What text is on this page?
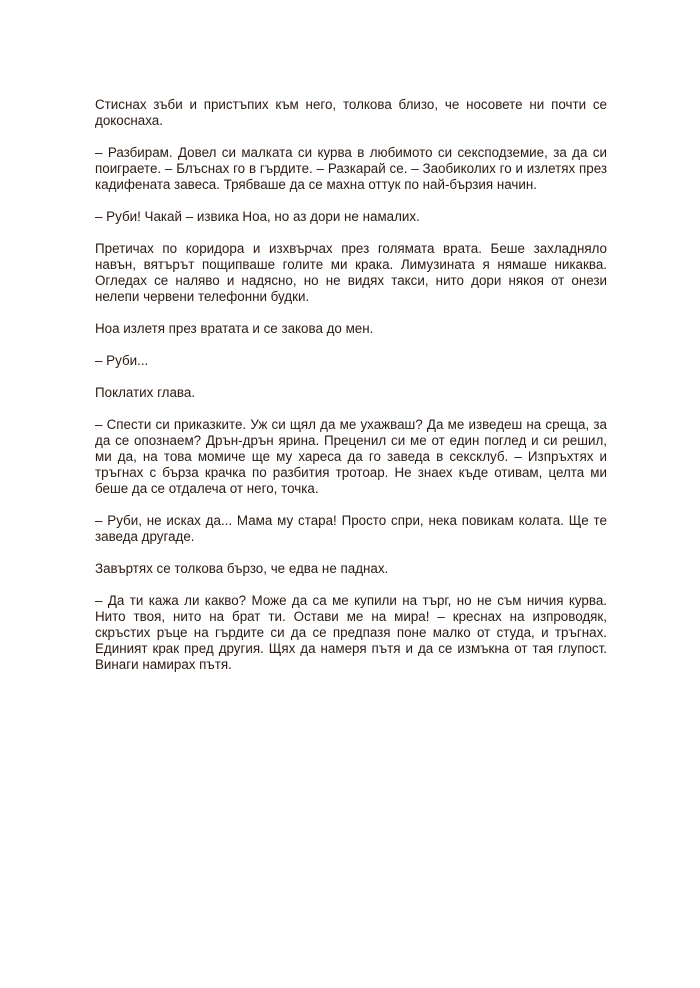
Стиснах зъби и пристъпих към него, толкова близо, че носовете ни почти се докоснаха.

– Разбирам. Довел си малката си курва в любимото си сексподземие, за да си поиграете. – Блъснах го в гърдите. – Разкарай се. – Заобиколих го и излетях през кадифената завеса. Трябваше да се махна оттук по най-бързия начин.

– Руби! Чакай – извика Ноа, но аз дори не намалих.

Претичах по коридора и изхвърчах през голямата врата. Беше захладняло навън, вятърът пощипваше голите ми крака. Лимузината я нямаше никаква. Огледах се наляво и надясно, но не видях такси, нито дори някоя от онези нелепи червени телефонни будки.

Ноа излетя през вратата и се закова до мен.

– Руби...

Поклатих глава.

– Спести си приказките. Уж си щял да ме ухажваш? Да ме изведеш на среща, за да се опознаем? Дрън-дрън ярина. Преценил си ме от един поглед и си решил, ми да, на това момиче ще му хареса да го заведа в сексклуб. – Изпръхтях и тръгнах с бърза крачка по разбития тротоар. Не знаех къде отивам, целта ми беше да се отдалеча от него, точка.

– Руби, не исках да... Мама му стара! Просто спри, нека повикам колата. Ще те заведа другаде.

Завъртях се толкова бързо, че едва не паднах.

– Да ти кажа ли какво? Може да са ме купили на търг, но не съм ничия курва. Нито твоя, нито на брат ти. Остави ме на мира! – креснах на изпроводяк, скръстих ръце на гърдите си да се предпазя поне малко от студа, и тръгнах. Единият крак пред другия. Щях да намеря пътя и да се измъкна от тая глупост. Винаги намирах пътя.
